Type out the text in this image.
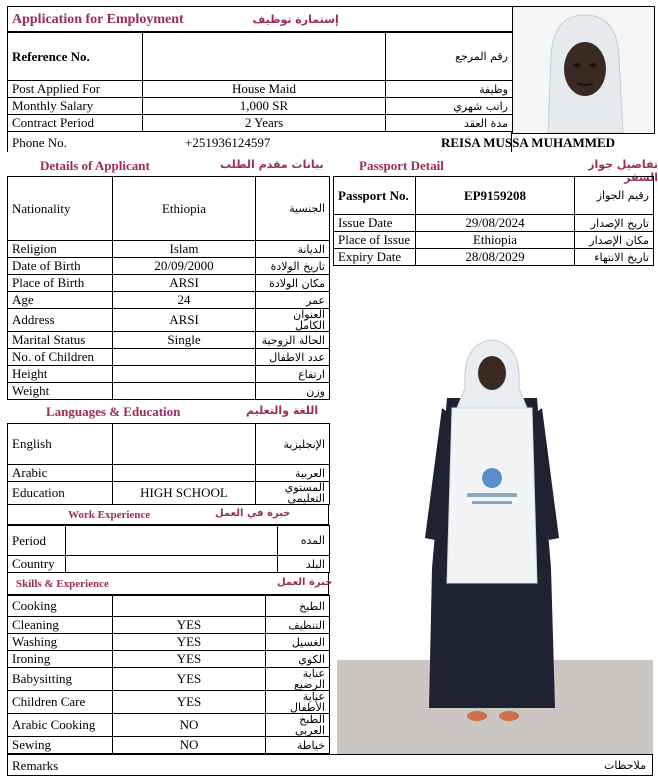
Application for Employment	إستمارة توظيف
Reference No.		رقم المرجع
Post Applied For	House Maid	وظيفة
Monthly Salary	1,000 SR	راتب شهري
Contract Period	2 Years	مدة العقد
Phone No.	+251936124597	REISA MUSSA MUHAMMED
Details of Applicant	بيانات مقدم الطلب	Passport Detail	تفاصيل جواز السفر
Nationality	Ethiopia	الجنسية
Religion	Islam	الديانة
Date of Birth	20/09/2000	تاريخ الولادة
Place of Birth	ARSI	مكان الولادة
Age	24	عمر
Address	ARSI	العنوان الكامل
Marital Status	Single	الحالة الزوجية
No. of Children		عدد الاطفال
Height		ارتفاع
Weight		وزن
Passport No.	EP9159208	رقيم الجواز
Issue Date	29/08/2024	تاريخ الإصدار
Place of Issue	Ethiopia	مكان الإصدار
Expiry Date	28/08/2029	تاريخ الانتهاء
Languages & Education	اللغة والتعليم
English		الإنجليزية
Arabic		العربية
Education	HIGH SCHOOL	المستوي التعليمي
Work Experience	خبرة في العمل
Period		المده
Country		البلد
Skills & Experience	خبرة العمل
Cooking		الطبخ
Cleaning	YES	التنظيف
Washing	YES	الغسيل
Ironing	YES	الكوي
Babysitting	YES	عناية الرضيع
Children Care	YES	عناية الأطفال
Arabic Cooking	NO	الطبخ العربي
Sewing	NO	خياطة
Remarks	ملاحظات
